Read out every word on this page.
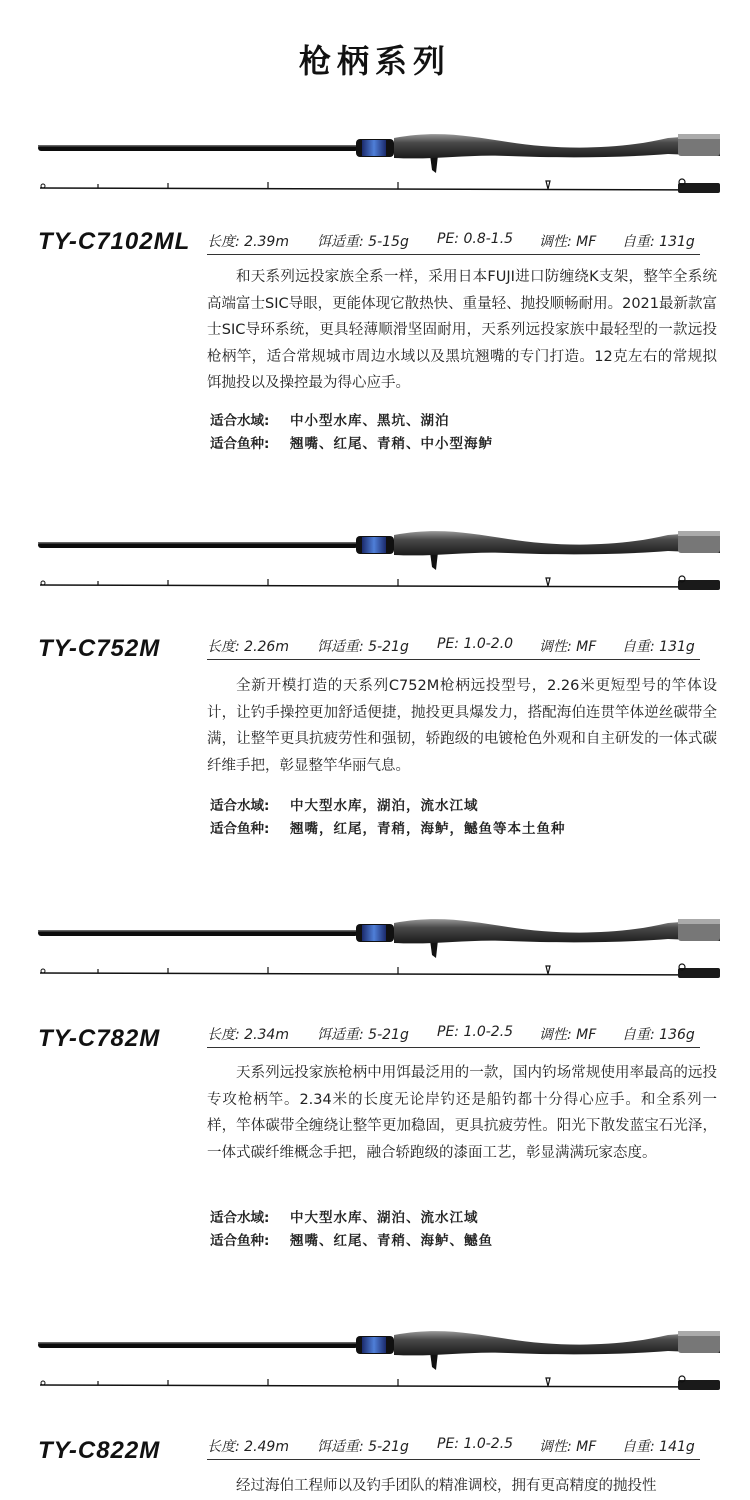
枪柄系列
TY-C7102ML 长度: 2.39m 饵适重: 5-15g PE: 0.8-1.5 调性: MF 自重: 131g

和天系列远投家族全系一样，采用日本FUJI进口防缠绕K支架，整竿全系统高端富士SIC导眼，更能体现它散热快、重量轻、抛投顺畅耐用。2021最新款富士SIC导环系统，更具轻薄顺滑坚固耐用，天系列远投家族中最轻型的一款远投枪柄竿，适合常规城市周边水域以及黑坑翘嘴的专门打造。12克左右的常规拟饵抛投以及操控最为得心应手。

适合水域: 中小型水库、黑坑、湖泊
适合鱼种: 翘嘴、红尾、青稍、中小型海鲈
TY-C752M	长度: 2.26m 饵适重: 5-21g PE: 1.0-2.0 调性: MF 自重: 131g

全新开模打造的天系列C752M枪柄远投型号，2.26米更短型号的竿体设计，让钓手操控更加舒适便捷，抛投更具爆发力，搭配海伯连贯竿体逆丝碳带全满，让整竿更具抗疲劳性和强韧，轿跑级的电镀枪色外观和自主研发的一体式碳纤维手把，彰显整竿华丽气息。

适合水域: 中大型水库，湖泊，流水江域
适合鱼种: 翘嘴，红尾，青稍，海鲈，鳡鱼等本土鱼种
TY-C782M	长度: 2.34m 饵适重: 5-21g PE: 1.0-2.5 调性: MF 自重: 136g

天系列远投家族枪柄中用饵最泛用的一款，国内钓场常规使用率最高的远投专攻枪柄竿。2.34米的长度无论岸钓还是船钓都十分得心应手。和全系列一样，竿体碳带全缠绕让整竿更加稳固，更具抗疲劳性。阳光下散发蓝宝石光泽，一体式碳纤维概念手把，融合轿跑级的漆面工艺，彰显满满玩家态度。

适合水域: 中大型水库、湖泊、流水江域
适合鱼种: 翘嘴、红尾、青稍、海鲈、鳡鱼
TY-C822M	长度: 2.49m 饵适重: 5-21g PE: 1.0-2.5 调性: MF 自重: 141g

经过海伯工程师以及钓手团队的精准调校，拥有更高精度的抛投性
